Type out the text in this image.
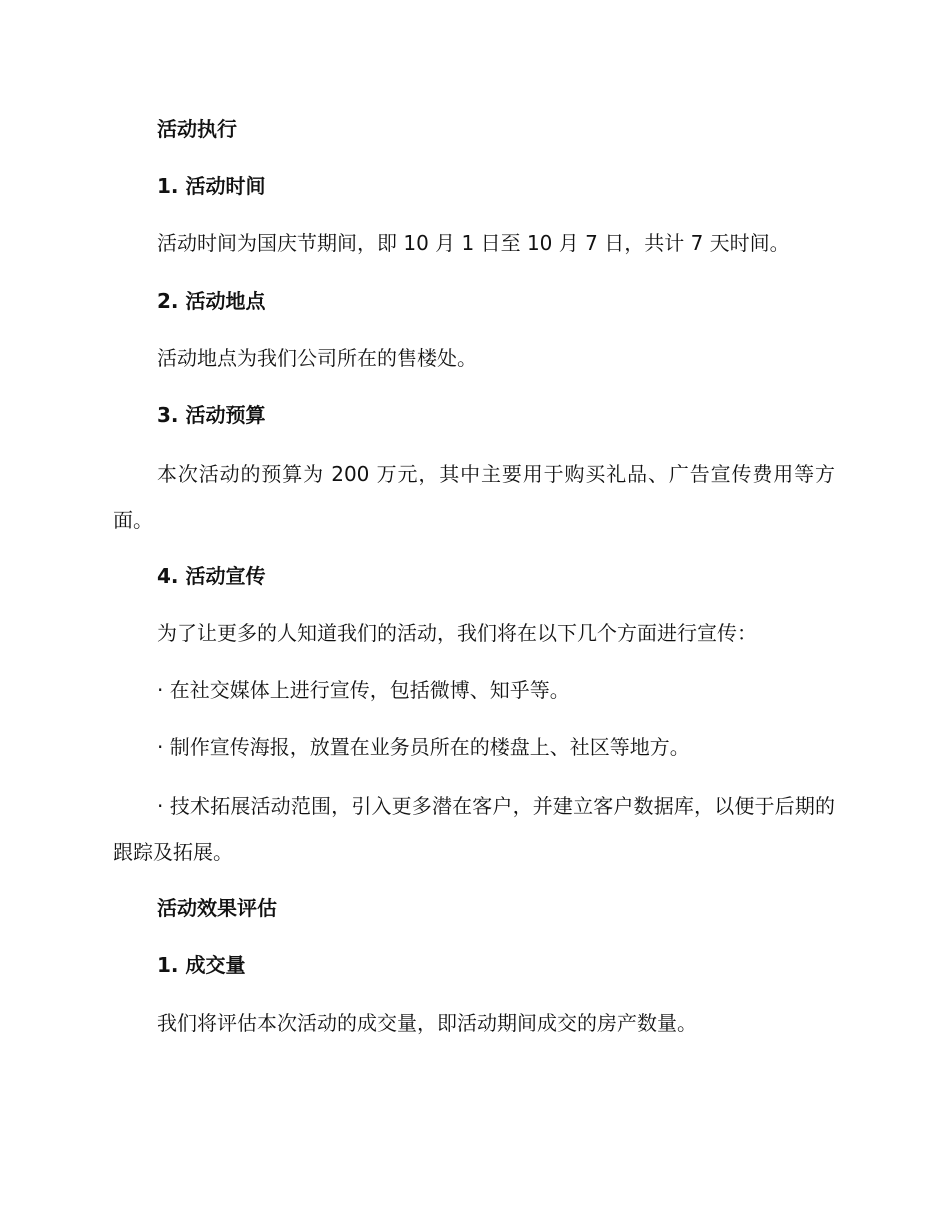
活动执行
1. 活动时间
活动时间为国庆节期间，即 10 月 1 日至 10 月 7 日，共计 7 天时间。
2. 活动地点
活动地点为我们公司所在的售楼处。
3. 活动预算
本次活动的预算为 200 万元，其中主要用于购买礼品、广告宣传费用等方面。
4. 活动宣传
为了让更多的人知道我们的活动，我们将在以下几个方面进行宣传：
· 在社交媒体上进行宣传，包括微博、知乎等。
· 制作宣传海报，放置在业务员所在的楼盘上、社区等地方。
· 技术拓展活动范围，引入更多潜在客户，并建立客户数据库，以便于后期的跟踪及拓展。
活动效果评估
1. 成交量
我们将评估本次活动的成交量，即活动期间成交的房产数量。
